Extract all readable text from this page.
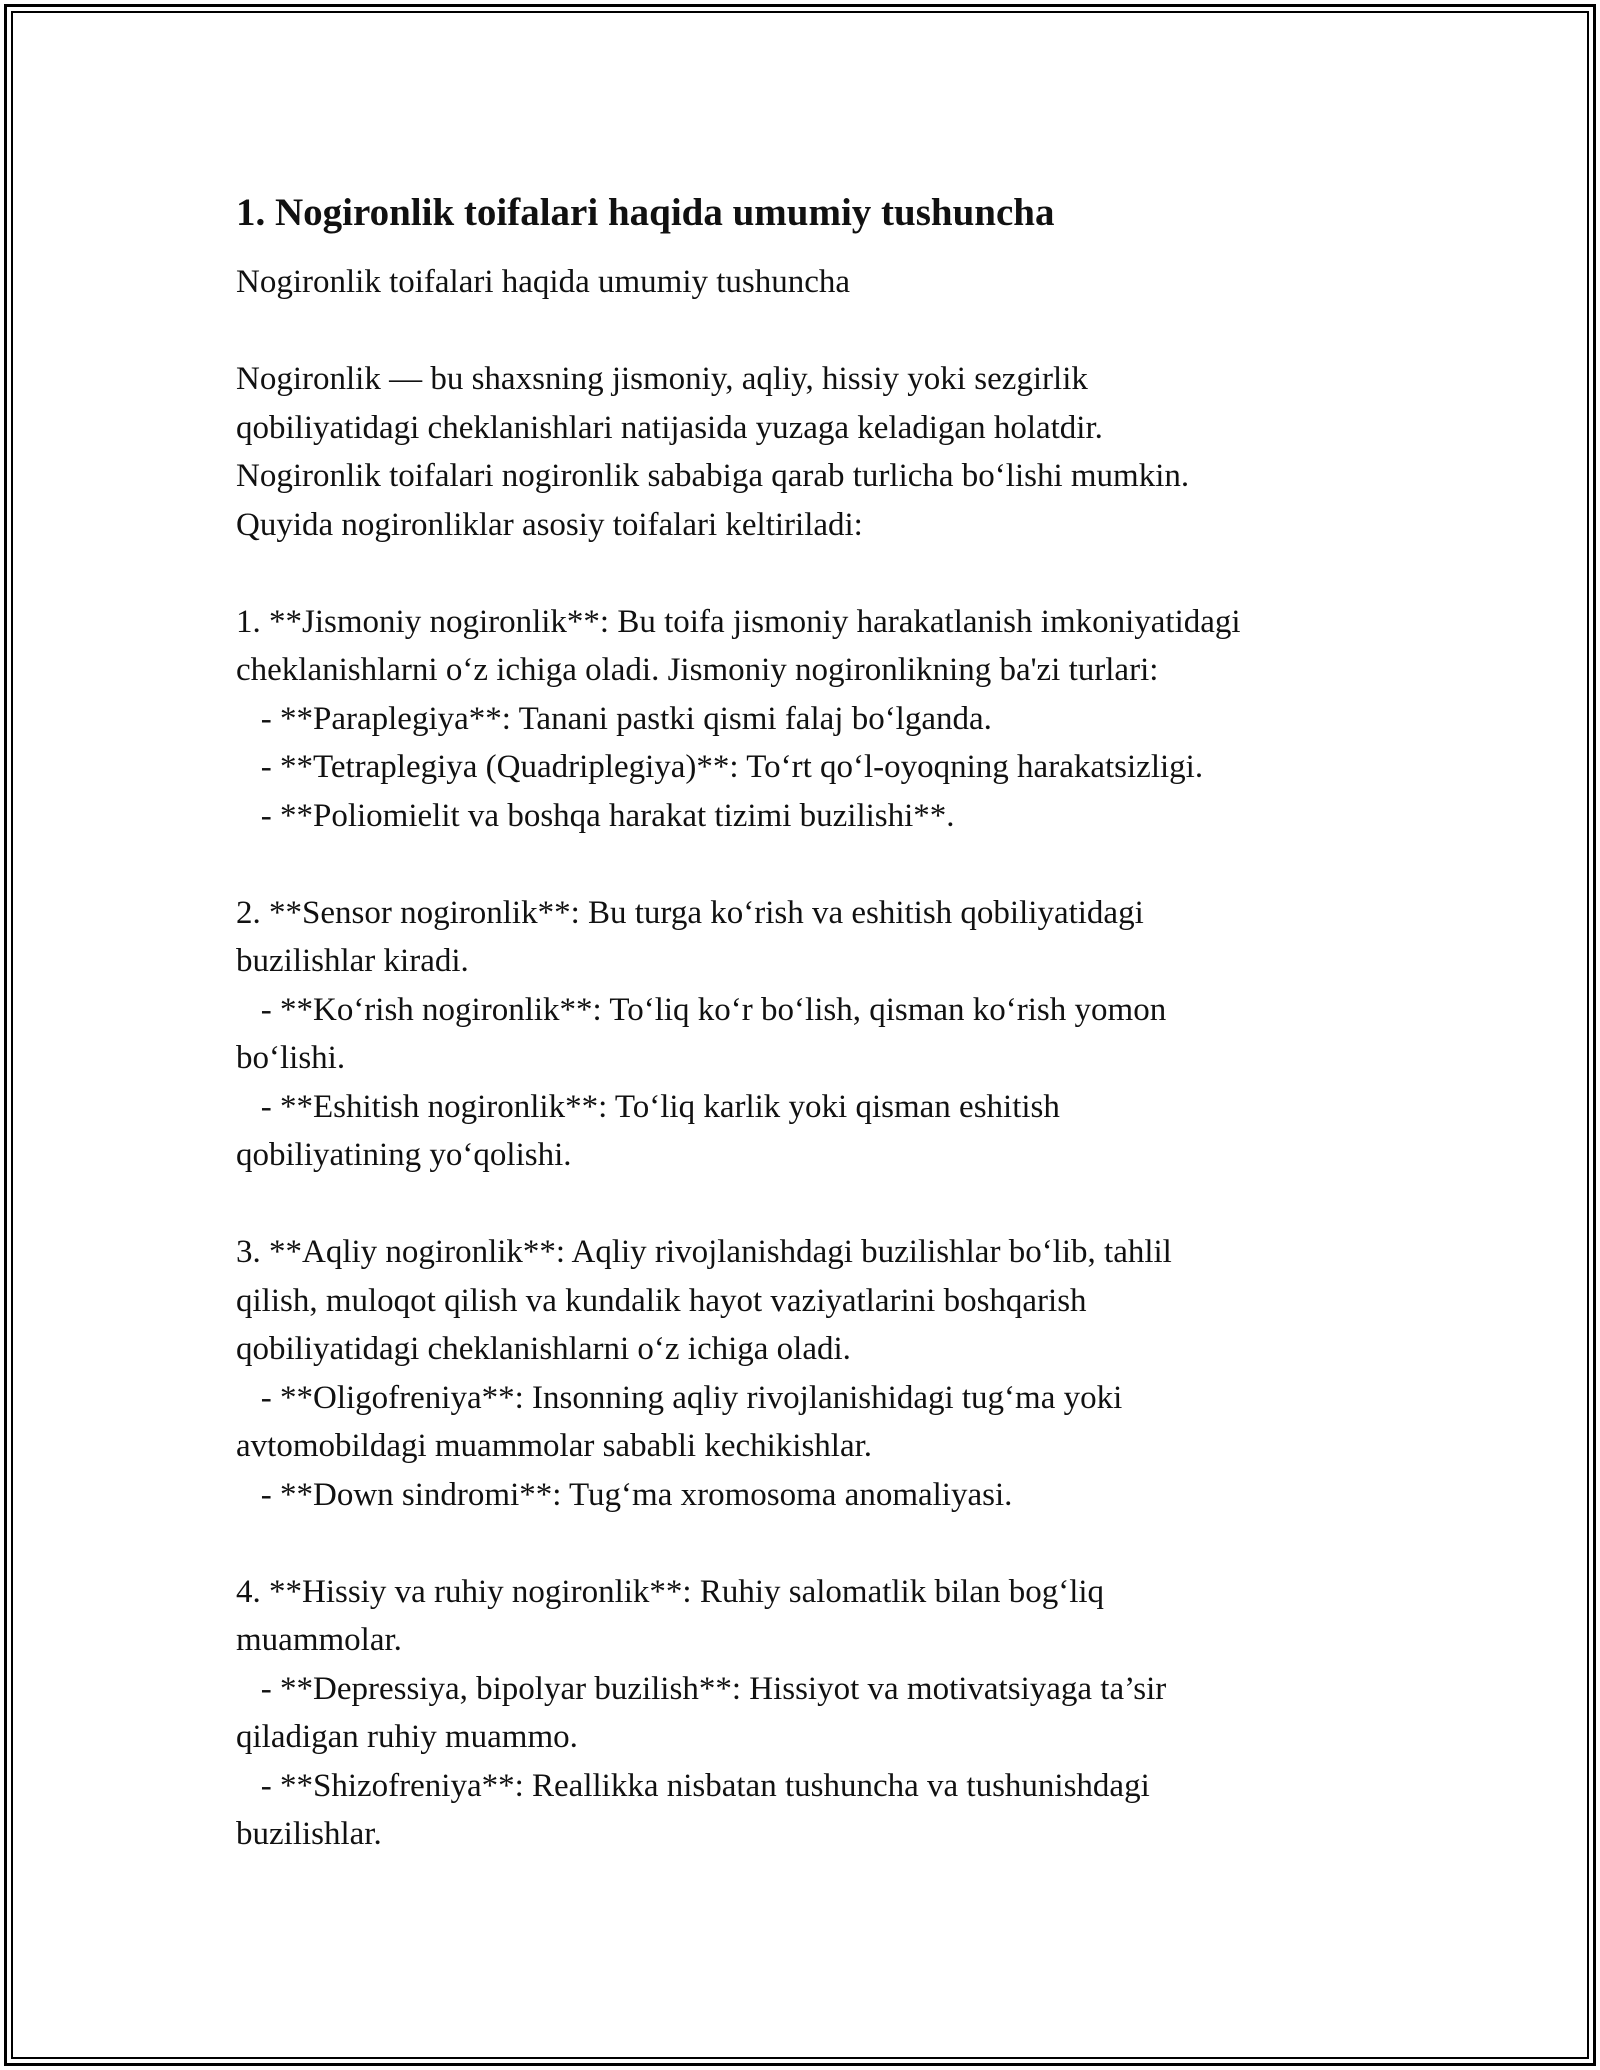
1. Nogironlik toifalari haqida umumiy tushuncha
Nogironlik toifalari haqida umumiy tushuncha

Nogironlik — bu shaxsning jismoniy, aqliy, hissiy yoki sezgirlik
qobiliyatidagi cheklanishlari natijasida yuzaga keladigan holatdir.
Nogironlik toifalari nogironlik sababiga qarab turlicha boʻlishi mumkin.
Quyida nogironliklar asosiy toifalari keltiriladi:

1. **Jismoniy nogironlik**: Bu toifa jismoniy harakatlanish imkoniyatidagi
cheklanishlarni oʻz ichiga oladi. Jismoniy nogironlikning ba'zi turlari:
- **Paraplegiya**: Tanani pastki qismi falaj boʻlganda.
- **Tetraplegiya (Quadriplegiya)**: Toʻrt qoʻl-oyoqning harakatsizligi.
- **Poliomielit va boshqa harakat tizimi buzilishi**.

2. **Sensor nogironlik**: Bu turga koʻrish va eshitish qobiliyatidagi
buzilishlar kiradi.
- **Koʻrish nogironlik**: Toʻliq koʻr boʻlish, qisman koʻrish yomon
boʻlishi.
- **Eshitish nogironlik**: Toʻliq karlik yoki qisman eshitish
qobiliyatining yoʻqolishi.

3. **Aqliy nogironlik**: Aqliy rivojlanishdagi buzilishlar boʻlib, tahlil
qilish, muloqot qilish va kundalik hayot vaziyatlarini boshqarish
qobiliyatidagi cheklanishlarni oʻz ichiga oladi.
- **Oligofreniya**: Insonning aqliy rivojlanishidagi tugʻma yoki
avtomobildagi muammolar sababli kechikishlar.
- **Down sindromi**: Tugʻma xromosoma anomaliyasi.

4. **Hissiy va ruhiy nogironlik**: Ruhiy salomatlik bilan bogʻliq
muammolar.
- **Depressiya, bipolyar buzilish**: Hissiyot va motivatsiyaga ta’sir
qiladigan ruhiy muammo.
- **Shizofreniya**: Reallikka nisbatan tushuncha va tushunishdagi
buzilishlar.
